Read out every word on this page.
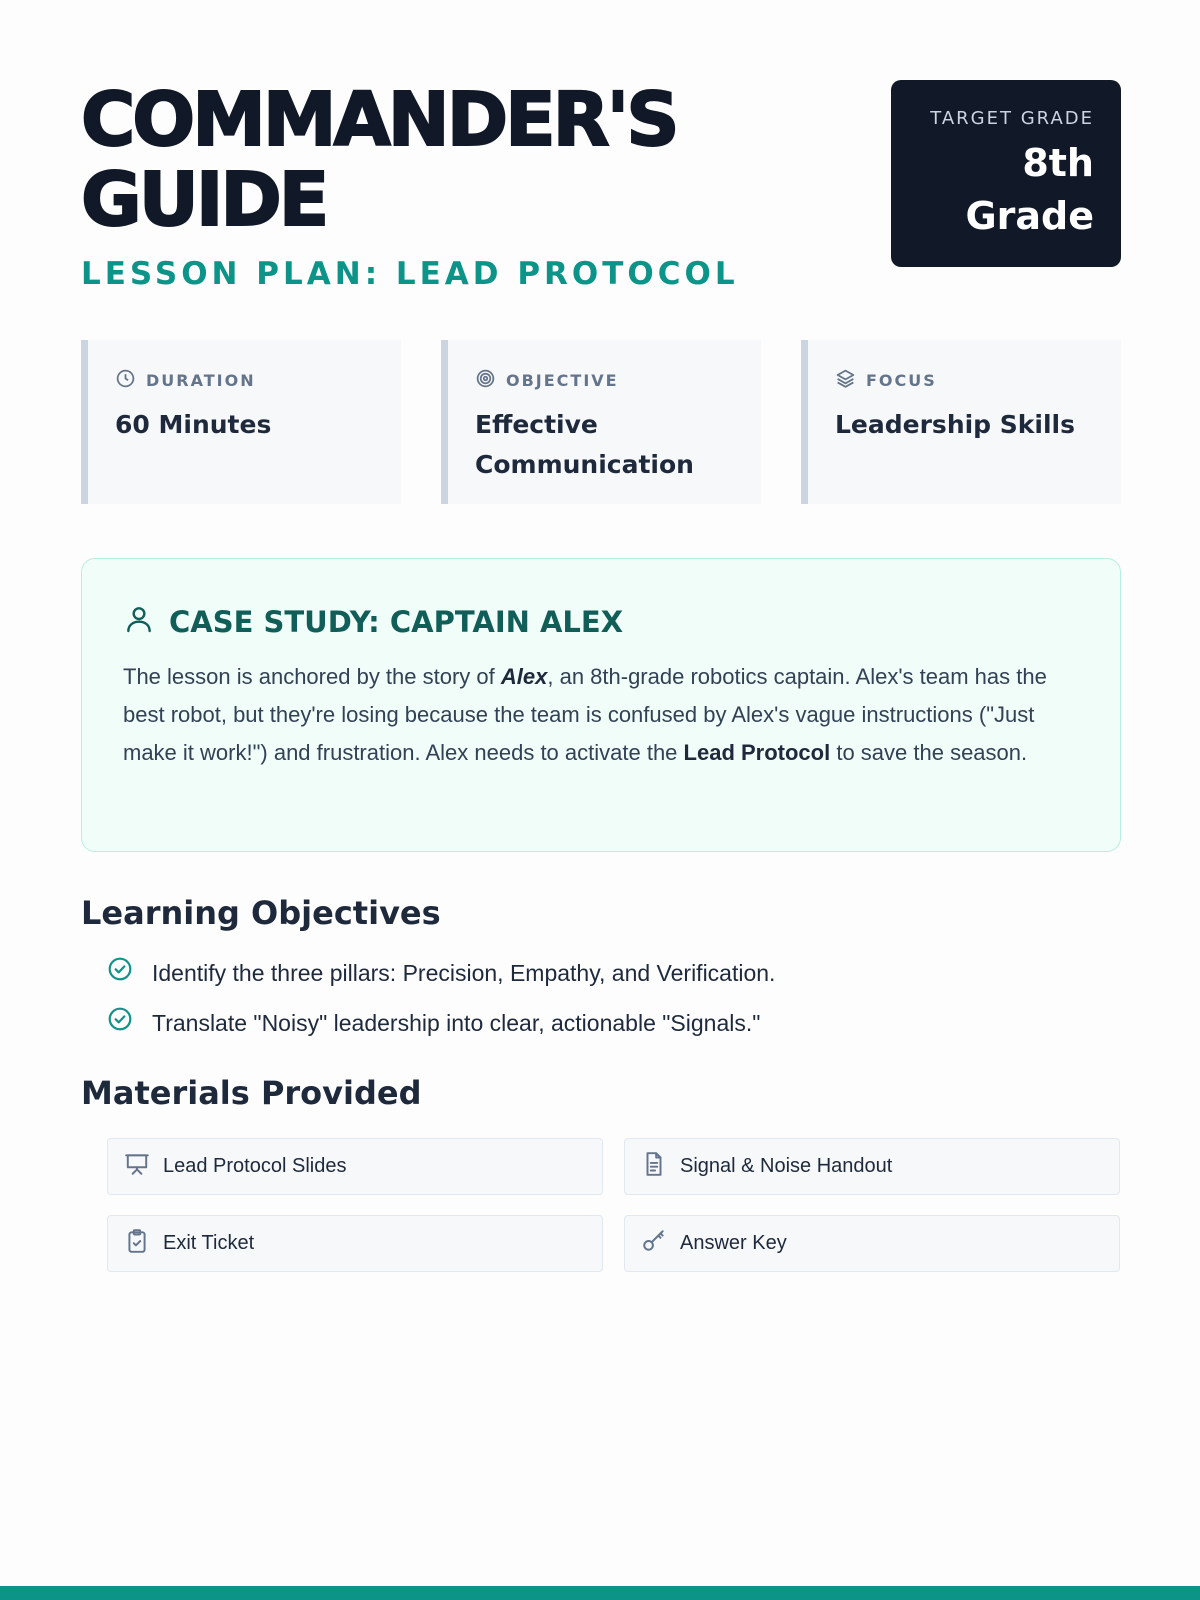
COMMANDER'S
GUIDE
LESSON PLAN: LEAD PROTOCOL
TARGET GRADE
8th
Grade
DURATION
60 Minutes
OBJECTIVE
Effective Communication
FOCUS
Leadership Skills
CASE STUDY: CAPTAIN ALEX

The lesson is anchored by the story of Alex, an 8th-grade robotics captain. Alex's team has the best robot, but they're losing because the team is confused by Alex's vague instructions ("Just make it work!") and frustration. Alex needs to activate the Lead Protocol to save the season.

Learning Objectives
Identify the three pillars: Precision, Empathy, and Verification.
Translate "Noisy" leadership into clear, actionable "Signals."
Materials Provided
Lead Protocol Slides	Signal & Noise Handout
Exit Ticket	Answer Key
